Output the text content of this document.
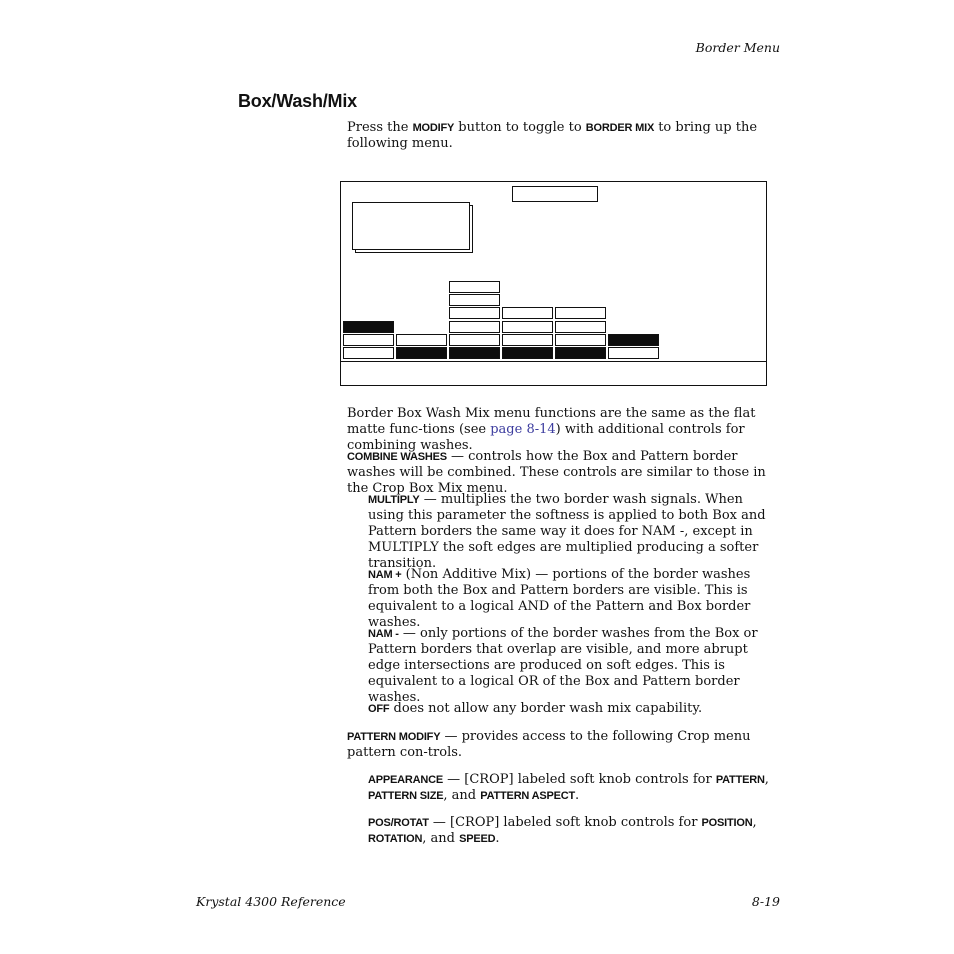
Border Menu
Box/Wash/Mix
Press the MODIFY button to toggle to BORDER MIX to bring up the following menu.
Border Box Wash Mix menu functions are the same as the flat matte func-tions (see page 8-14) with additional controls for combining washes.
COMBINE WASHES — controls how the Box and Pattern border washes will be combined. These controls are similar to those in the Crop Box Mix menu.
MULTIPLY — multiplies the two border wash signals. When using this parameter the softness is applied to both Box and Pattern borders the same way it does for NAM -, except in MULTIPLY the soft edges are multiplied producing a softer transition.
NAM + (Non Additive Mix) — portions of the border washes from both the Box and Pattern borders are visible. This is equivalent to a logical AND of the Pattern and Box border washes.
NAM - — only portions of the border washes from the Box or Pattern borders that overlap are visible, and more abrupt edge intersections are produced on soft edges. This is equivalent to a logical OR of the Box and Pattern border washes.
OFF does not allow any border wash mix capability.
PATTERN MODIFY — provides access to the following Crop menu pattern con-trols.
APPEARANCE — [CROP] labeled soft knob controls for PATTERN, PATTERN SIZE, and PATTERN ASPECT.
POS/ROTAT — [CROP] labeled soft knob controls for POSITION, ROTATION, and SPEED.
Krystal 4300 Reference	8-19
